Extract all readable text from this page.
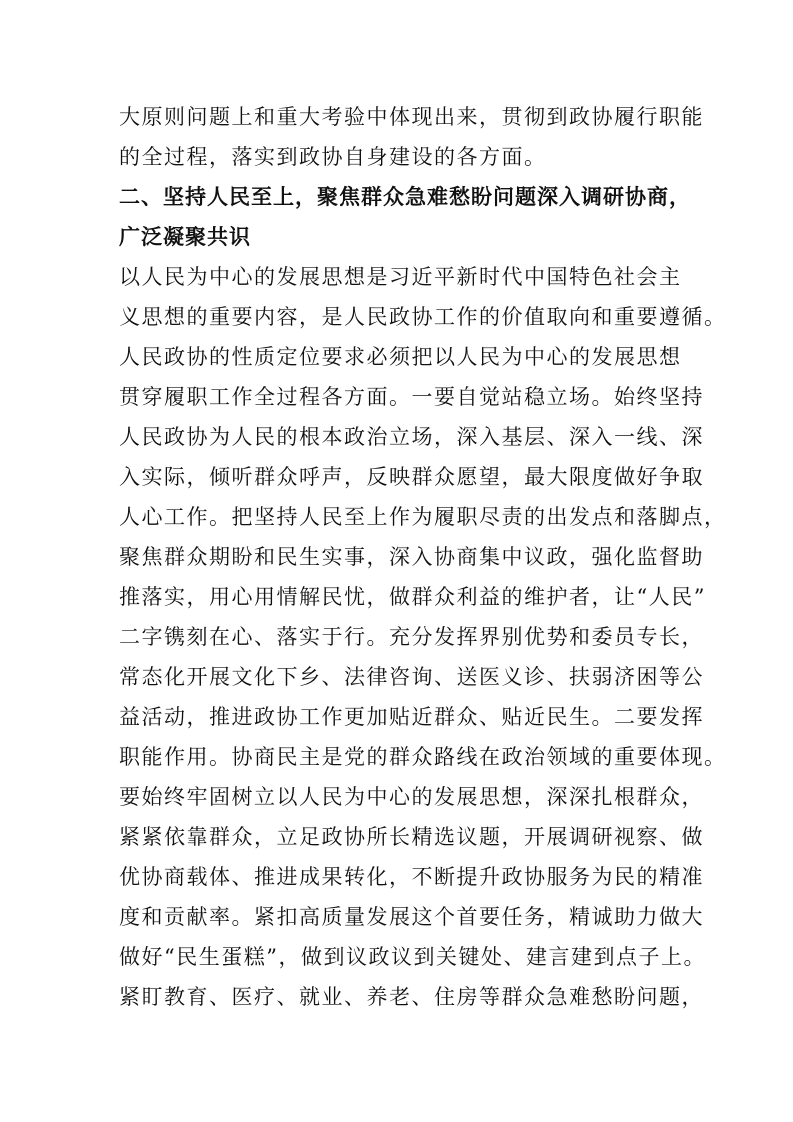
大原则问题上和重大考验中体现出来，贯彻到政协履行职能
的全过程，落实到政协自身建设的各方面。
二、坚持人民至上，聚焦群众急难愁盼问题深入调研协商，
广泛凝聚共识
以人民为中心的发展思想是习近平新时代中国特色社会主
义思想的重要内容，是人民政协工作的价值取向和重要遵循。
人民政协的性质定位要求必须把以人民为中心的发展思想
贯穿履职工作全过程各方面。一要自觉站稳立场。始终坚持
人民政协为人民的根本政治立场，深入基层、深入一线、深
入实际，倾听群众呼声，反映群众愿望，最大限度做好争取
人心工作。把坚持人民至上作为履职尽责的出发点和落脚点，
聚焦群众期盼和民生实事，深入协商集中议政，强化监督助
推落实，用心用情解民忧，做群众利益的维护者，让“人民”
二字镌刻在心、落实于行。充分发挥界别优势和委员专长，
常态化开展文化下乡、法律咨询、送医义诊、扶弱济困等公
益活动，推进政协工作更加贴近群众、贴近民生。二要发挥
职能作用。协商民主是党的群众路线在政治领域的重要体现。
要始终牢固树立以人民为中心的发展思想，深深扎根群众，
紧紧依靠群众，立足政协所长精选议题，开展调研视察、做
优协商载体、推进成果转化，不断提升政协服务为民的精准
度和贡献率。紧扣高质量发展这个首要任务，精诚助力做大
做好“民生蛋糕”，做到议政议到关键处、建言建到点子上。
紧盯教育、医疗、就业、养老、住房等群众急难愁盼问题，
